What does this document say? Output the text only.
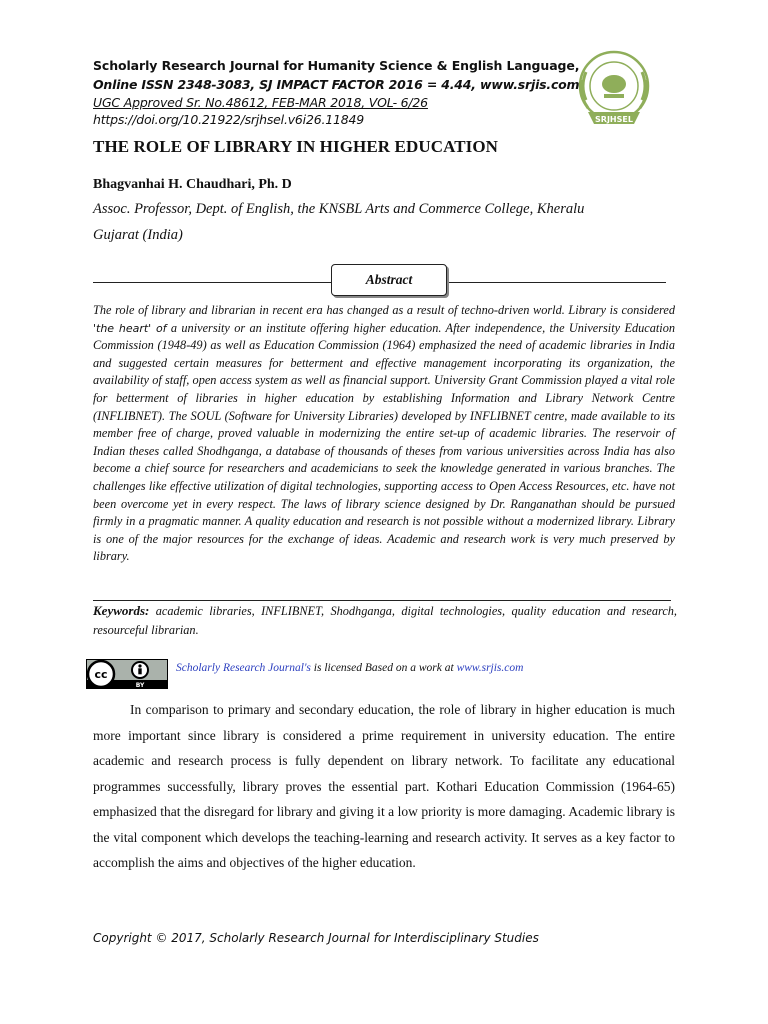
Scholarly Research Journal for Humanity Science & English Language,
Online ISSN 2348-3083, SJ IMPACT FACTOR 2016 = 4.44, www.srjis.com
UGC Approved Sr. No.48612, FEB-MAR 2018, VOL- 6/26
https://doi.org/10.21922/srjhsel.v6i26.11849	SRJHSEL
THE ROLE OF LIBRARY IN HIGHER EDUCATION
Bhagvanhai H. Chaudhari, Ph. D
Assoc. Professor, Dept. of English, the KNSBL Arts and Commerce College, Kheralu
Gujarat (India)
Abstract

The role of library and librarian in recent era has changed as a result of techno-driven world. Library is considered 'the heart' of a university or an institute offering higher education. After independence, the University Education Commission (1948-49) as well as Education Commission (1964) emphasized the need of academic libraries in India and suggested certain measures for betterment and effective management incorporating its organization, the availability of staff, open access system as well as financial support. University Grant Commission played a vital role for betterment of libraries in higher education by establishing Information and Library Network Centre (INFLIBNET). The SOUL (Software for University Libraries) developed by INFLIBNET centre, made available to its member free of charge, proved valuable in modernizing the entire set-up of academic libraries. The reservoir of Indian theses called Shodhganga, a database of thousands of theses from various universities across India has also become a chief source for researchers and academicians to seek the knowledge generated in various branches. The challenges like effective utilization of digital technologies, supporting access to Open Access Resources, etc. have not been overcome yet in every respect. The laws of library science designed by Dr. Ranganathan should be pursued firmly in a pragmatic manner. A quality education and research is not possible without a modernized library. Library is one of the major resources for the exchange of ideas. Academic and research work is very much preserved by library.

Keywords: academic libraries, INFLIBNET, Shodhganga, digital technologies, quality education and research, resourceful librarian.

cc
BY
Scholarly Research Journal's is licensed Based on a work at www.srjis.com

In comparison to primary and secondary education, the role of library in higher education is much more important since library is considered a prime requirement in university education. The entire academic and research process is fully dependent on library network. To facilitate any educational programmes successfully, library proves the essential part. Kothari Education Commission (1964-65) emphasized that the disregard for library and giving it a low priority is more damaging. Academic library is the vital component which develops the teaching-learning and research activity. It serves as a key factor to accomplish the aims and objectives of the higher education.

Copyright © 2017, Scholarly Research Journal for Interdisciplinary Studies
